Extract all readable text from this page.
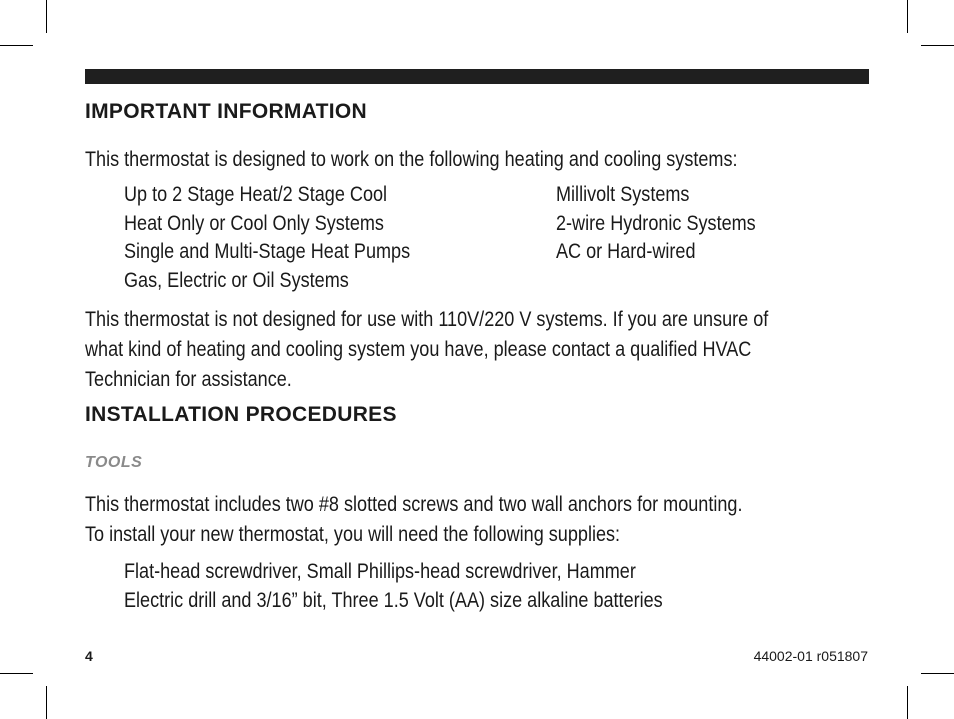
IMPORTANT INFORMATION
This thermostat is designed to work on the following heating and cooling systems:
Up to 2 Stage Heat/2 Stage Cool
Heat Only or Cool Only Systems
Single and Multi-Stage Heat Pumps
Gas, Electric or Oil Systems
Millivolt Systems
2-wire Hydronic Systems
AC or Hard-wired
This thermostat is not designed for use with 110V/220 V systems. If you are unsure of
what kind of heating and cooling system you have, please contact a qualified HVAC
Technician for assistance.
INSTALLATION PROCEDURES
TOOLS
This thermostat includes two #8 slotted screws and two wall anchors for mounting.
To install your new thermostat, you will need the following supplies:
Flat-head screwdriver, Small Phillips-head screwdriver, Hammer
Electric drill and 3/16” bit, Three 1.5 Volt (AA) size alkaline batteries
4	44002-01 r051807
